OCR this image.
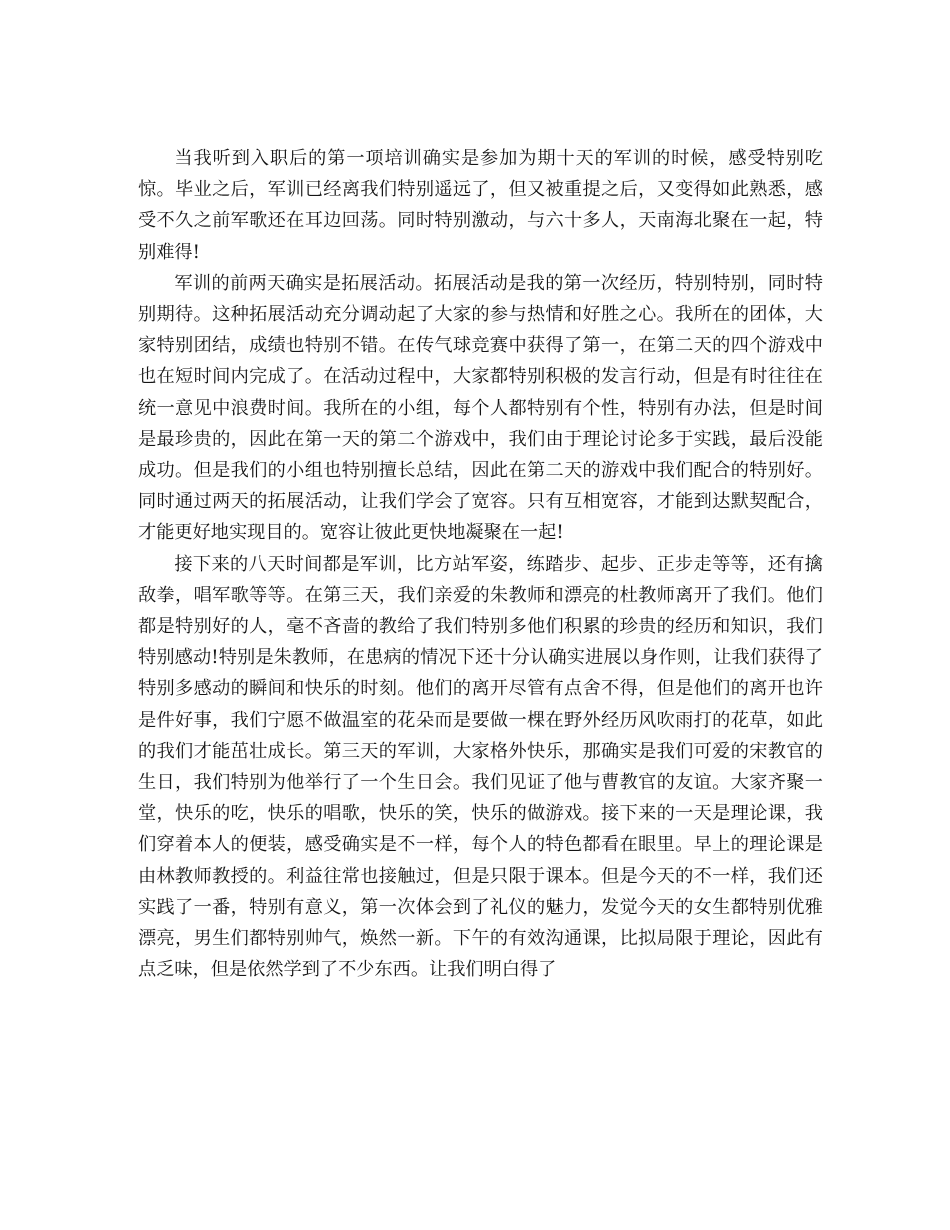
当我听到入职后的第一项培训确实是参加为期十天的军训的时候，感受特别吃惊。毕业之后，军训已经离我们特别遥远了，但又被重提之后，又变得如此熟悉，感受不久之前军歌还在耳边回荡。同时特别激动，与六十多人，天南海北聚在一起，特别难得!

军训的前两天确实是拓展活动。拓展活动是我的第一次经历，特别特别，同时特别期待。这种拓展活动充分调动起了大家的参与热情和好胜之心。我所在的团体，大家特别团结，成绩也特别不错。在传气球竞赛中获得了第一，在第二天的四个游戏中也在短时间内完成了。在活动过程中，大家都特别积极的发言行动，但是有时往往在统一意见中浪费时间。我所在的小组，每个人都特别有个性，特别有办法，但是时间是最珍贵的，因此在第一天的第二个游戏中，我们由于理论讨论多于实践，最后没能成功。但是我们的小组也特别擅长总结，因此在第二天的游戏中我们配合的特别好。同时通过两天的拓展活动，让我们学会了宽容。只有互相宽容，才能到达默契配合，才能更好地实现目的。宽容让彼此更快地凝聚在一起!

接下来的八天时间都是军训，比方站军姿，练踏步、起步、正步走等等，还有擒敌拳，唱军歌等等。在第三天，我们亲爱的朱教师和漂亮的杜教师离开了我们。他们都是特别好的人，毫不吝啬的教给了我们特别多他们积累的珍贵的经历和知识，我们特别感动!特别是朱教师，在患病的情况下还十分认确实进展以身作则，让我们获得了特别多感动的瞬间和快乐的时刻。他们的离开尽管有点舍不得，但是他们的离开也许是件好事，我们宁愿不做温室的花朵而是要做一棵在野外经历风吹雨打的花草，如此的我们才能茁壮成长。第三天的军训，大家格外快乐，那确实是我们可爱的宋教官的生日，我们特别为他举行了一个生日会。我们见证了他与曹教官的友谊。大家齐聚一堂，快乐的吃，快乐的唱歌，快乐的笑，快乐的做游戏。接下来的一天是理论课，我们穿着本人的便装，感受确实是不一样，每个人的特色都看在眼里。早上的理论课是由林教师教授的。利益往常也接触过，但是只限于课本。但是今天的不一样，我们还实践了一番，特别有意义，第一次体会到了礼仪的魅力，发觉今天的女生都特别优雅漂亮，男生们都特别帅气，焕然一新。下午的有效沟通课，比拟局限于理论，因此有点乏味，但是依然学到了不少东西。让我们明白得了
